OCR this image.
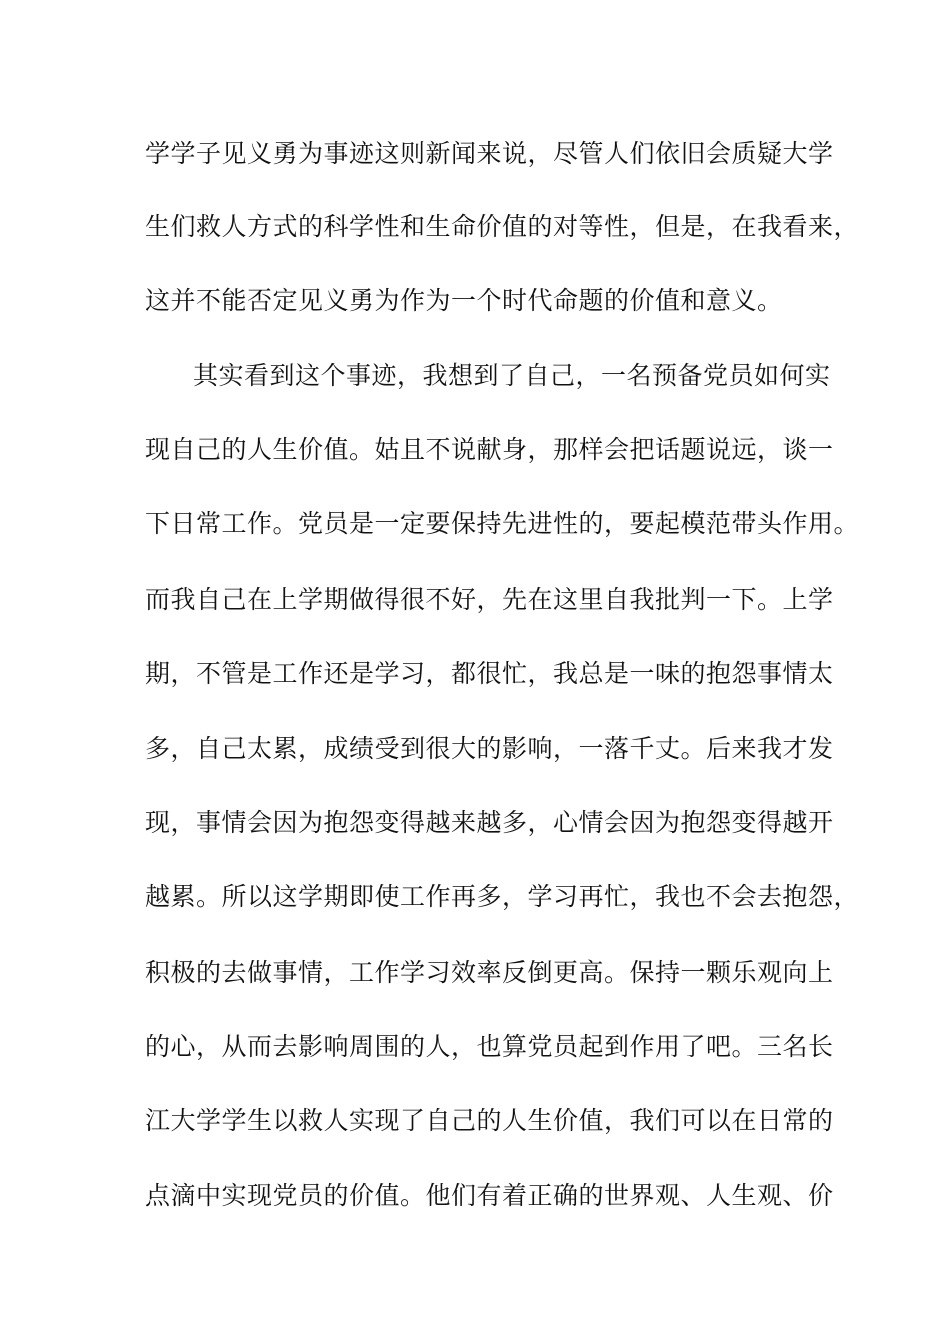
学学子见义勇为事迹这则新闻来说，尽管人们依旧会质疑大学
生们救人方式的科学性和生命价值的对等性，但是，在我看来，
这并不能否定见义勇为作为一个时代命题的价值和意义。
其实看到这个事迹，我想到了自己，一名预备党员如何实
现自己的人生价值。姑且不说献身，那样会把话题说远，谈一
下日常工作。党员是一定要保持先进性的，要起模范带头作用。
而我自己在上学期做得很不好，先在这里自我批判一下。上学
期，不管是工作还是学习，都很忙，我总是一味的抱怨事情太
多，自己太累，成绩受到很大的影响，一落千丈。后来我才发
现，事情会因为抱怨变得越来越多，心情会因为抱怨变得越开
越累。所以这学期即使工作再多，学习再忙，我也不会去抱怨，
积极的去做事情，工作学习效率反倒更高。保持一颗乐观向上
的心，从而去影响周围的人，也算党员起到作用了吧。三名长
江大学学生以救人实现了自己的人生价值，我们可以在日常的
点滴中实现党员的价值。他们有着正确的世界观、人生观、价
